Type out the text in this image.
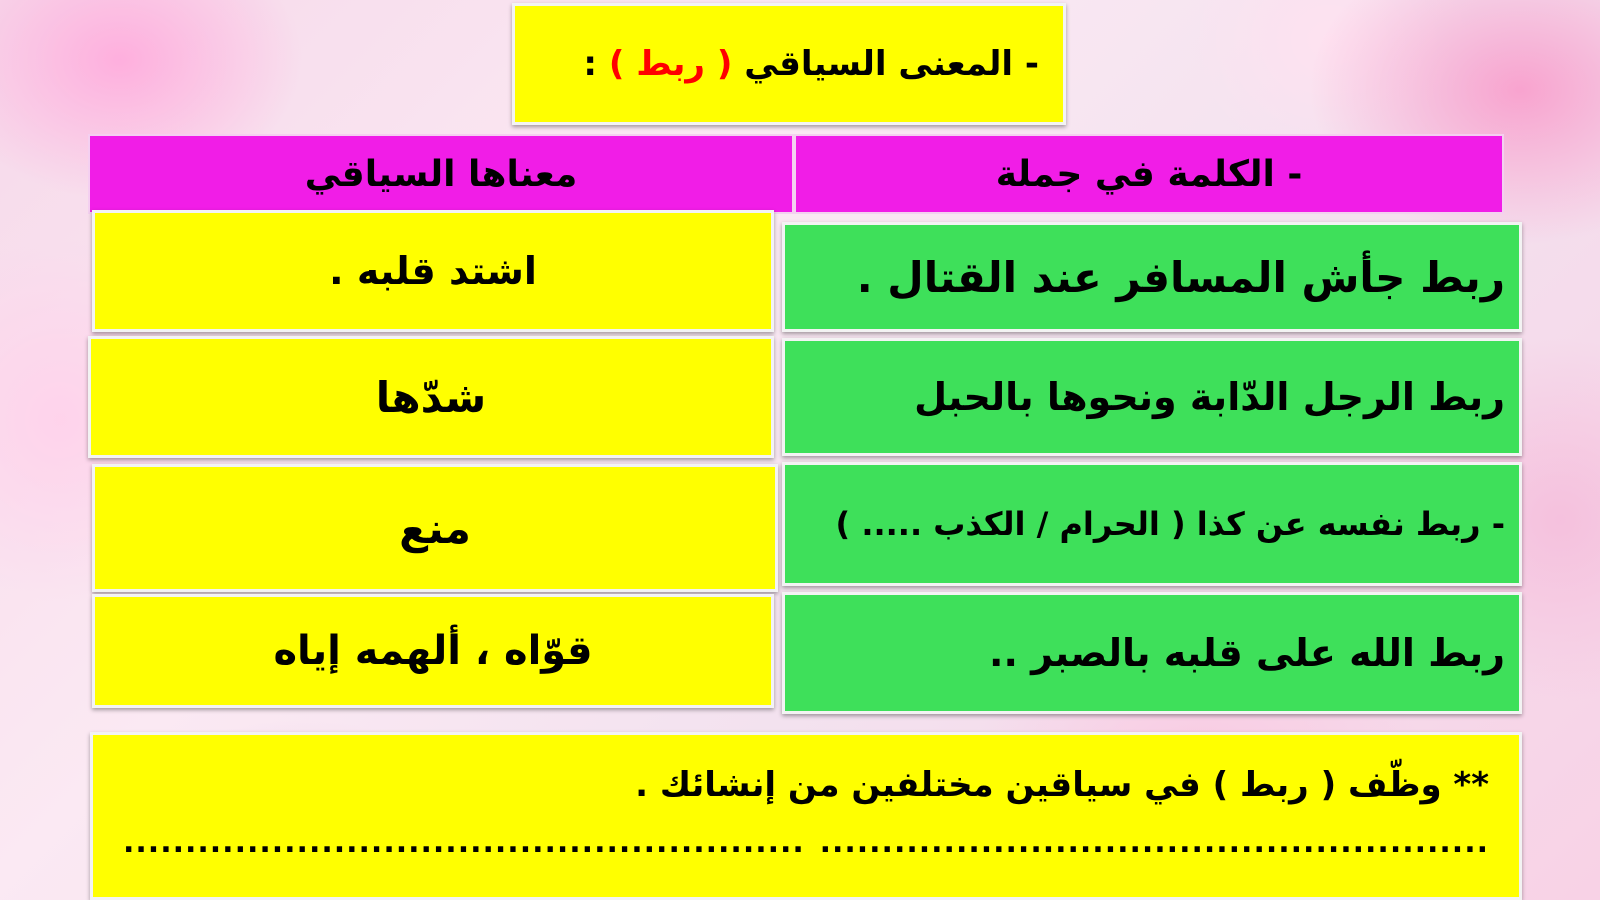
- المعنى السياقي

( ربط )

:
- الكلمة في جملة
معناها السياقي
ربط جأش المسافر عند القتال .
اشتد قلبه .
ربط الرجل الدّابة ونحوها بالحبل
شدّها
- ربط نفسه عن كذا ( الحرام / الكذب ..... )
منع
ربط الله على قلبه بالصبر ..
قوّاه ، ألهمه إياه
** وظّف ( ربط ) في سياقين مختلفين من إنشائك .
......................................................
.......................................................
